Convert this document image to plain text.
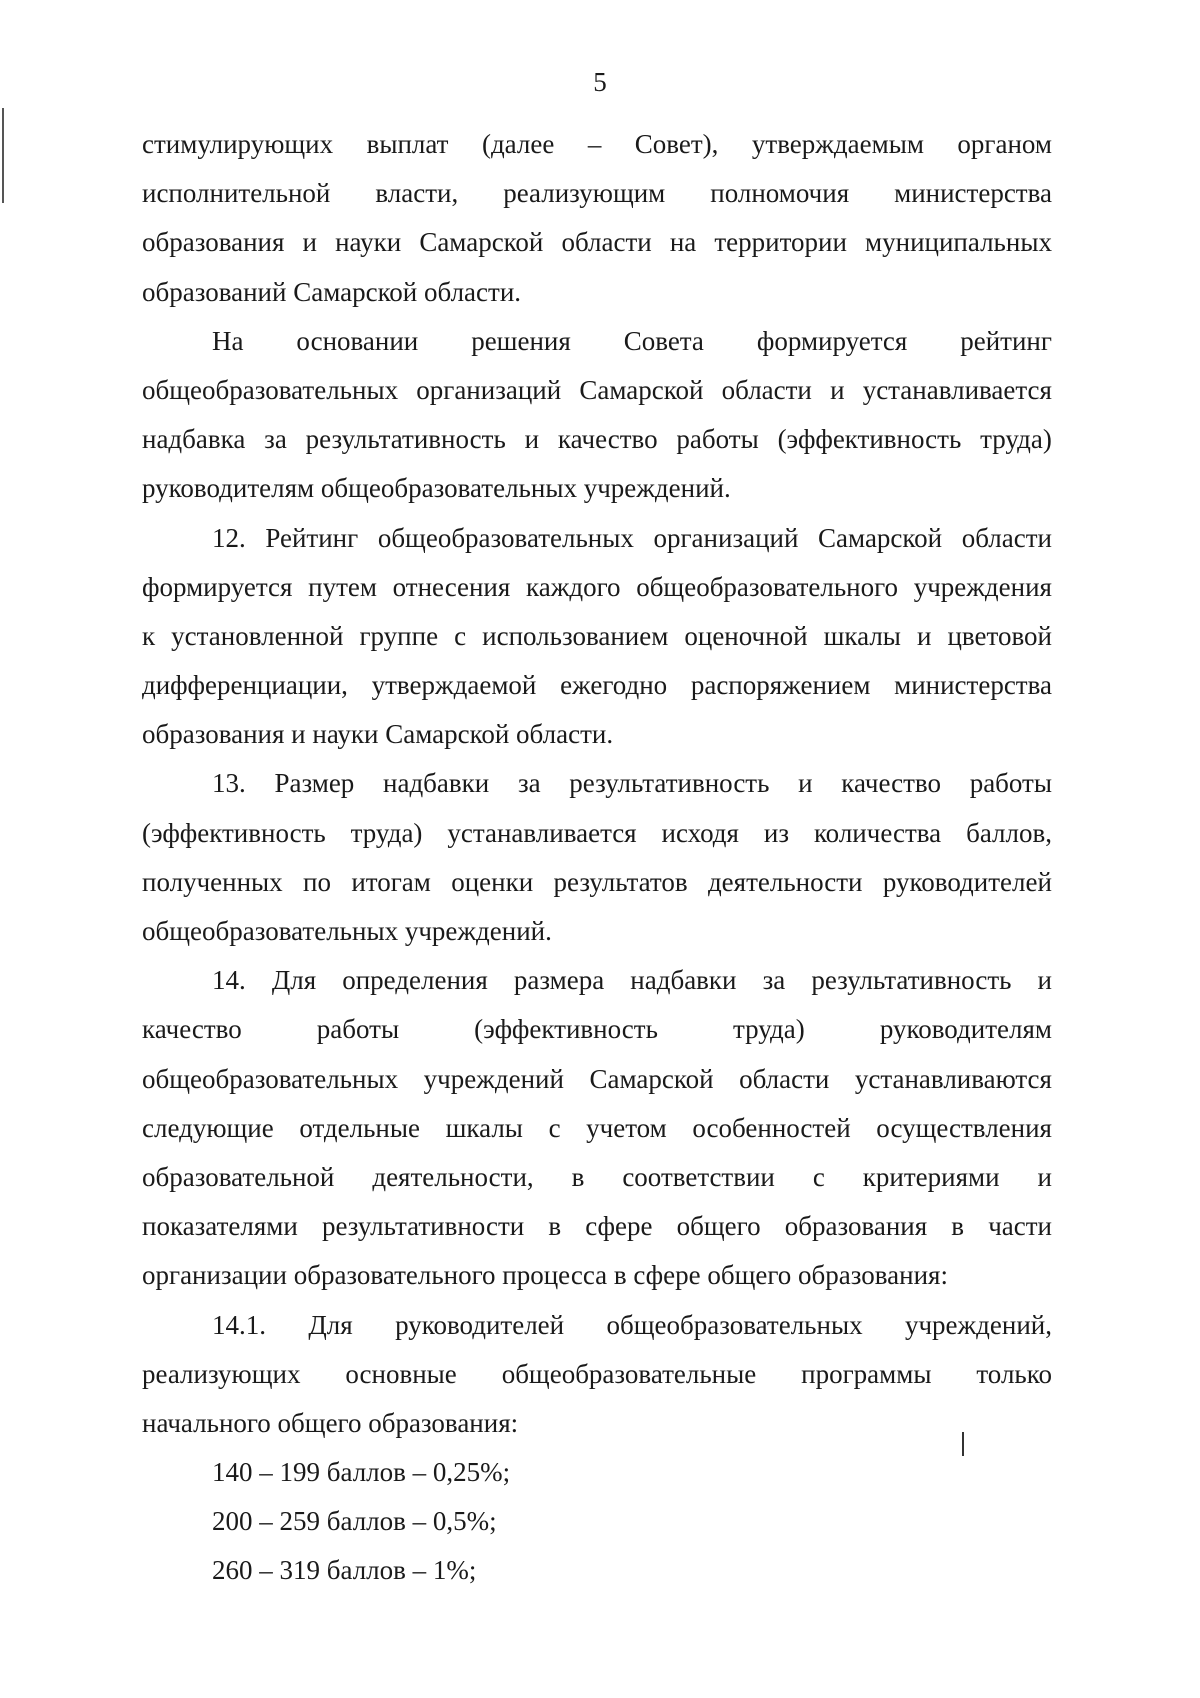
5
стимулирующих выплат (далее – Совет), утверждаемым органом
исполнительной власти, реализующим полномочия министерства
образования и науки Самарской области на территории муниципальных
образований Самарской области.
На основании решения Совета формируется рейтинг
общеобразовательных организаций Самарской области и устанавливается
надбавка за результативность и качество работы (эффективность труда)
руководителям общеобразовательных учреждений.
12. Рейтинг общеобразовательных организаций Самарской области
формируется путем отнесения каждого общеобразовательного учреждения
к установленной группе с использованием оценочной шкалы и цветовой
дифференциации, утверждаемой ежегодно распоряжением министерства
образования и науки Самарской области.
13. Размер надбавки за результативность и качество работы
(эффективность труда) устанавливается исходя из количества баллов,
полученных по итогам оценки результатов деятельности руководителей
общеобразовательных учреждений.
14. Для определения размера надбавки за результативность и
качество	работы	(эффективность	труда)	руководителям
общеобразовательных учреждений Самарской области устанавливаются
следующие отдельные шкалы с учетом особенностей осуществления
образовательной деятельности, в соответствии с критериями и
показателями результативности в сфере общего образования в части
организации образовательного процесса в сфере общего образования:
14.1. Для руководителей общеобразовательных учреждений,
реализующих основные общеобразовательные программы только
начального общего образования:
140 – 199 баллов – 0,25%;
200 – 259 баллов – 0,5%;
260 – 319 баллов – 1%;
